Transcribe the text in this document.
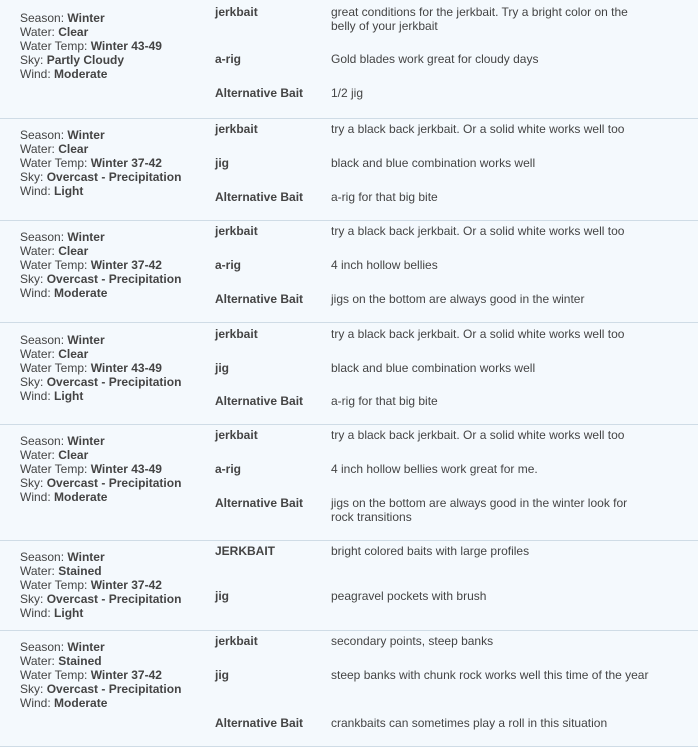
Season: Winter
Water: Clear
Water Temp: Winter 43-49
Sky: Partly Cloudy
Wind: Moderate
jerkbait	great conditions for the jerkbait. Try a bright color on the belly of your jerkbait
a-rig	Gold blades work great for cloudy days
Alternative Bait	1/2 jig
Season: Winter
Water: Clear
Water Temp: Winter 37-42
Sky: Overcast - Precipitation
Wind: Light
jerkbait	try a black back jerkbait. Or a solid white works well too
jig	black and blue combination works well
Alternative Bait	a-rig for that big bite
Season: Winter
Water: Clear
Water Temp: Winter 37-42
Sky: Overcast - Precipitation
Wind: Moderate
jerkbait	try a black back jerkbait. Or a solid white works well too
a-rig	4 inch hollow bellies
Alternative Bait	jigs on the bottom are always good in the winter
Season: Winter
Water: Clear
Water Temp: Winter 43-49
Sky: Overcast - Precipitation
Wind: Light
jerkbait	try a black back jerkbait. Or a solid white works well too
jig	black and blue combination works well
Alternative Bait	a-rig for that big bite
Season: Winter
Water: Clear
Water Temp: Winter 43-49
Sky: Overcast - Precipitation
Wind: Moderate
jerkbait	try a black back jerkbait. Or a solid white works well too
a-rig	4 inch hollow bellies work great for me.
Alternative Bait	jigs on the bottom are always good in the winter look for rock transitions
Season: Winter
Water: Stained
Water Temp: Winter 37-42
Sky: Overcast - Precipitation
Wind: Light
JERKBAIT	bright colored baits with large profiles
jig	peagravel pockets with brush
Season: Winter
Water: Stained
Water Temp: Winter 37-42
Sky: Overcast - Precipitation
Wind: Moderate
jerkbait	secondary points, steep banks
jig	steep banks with chunk rock works well this time of the year
Alternative Bait	crankbaits can sometimes play a roll in this situation
